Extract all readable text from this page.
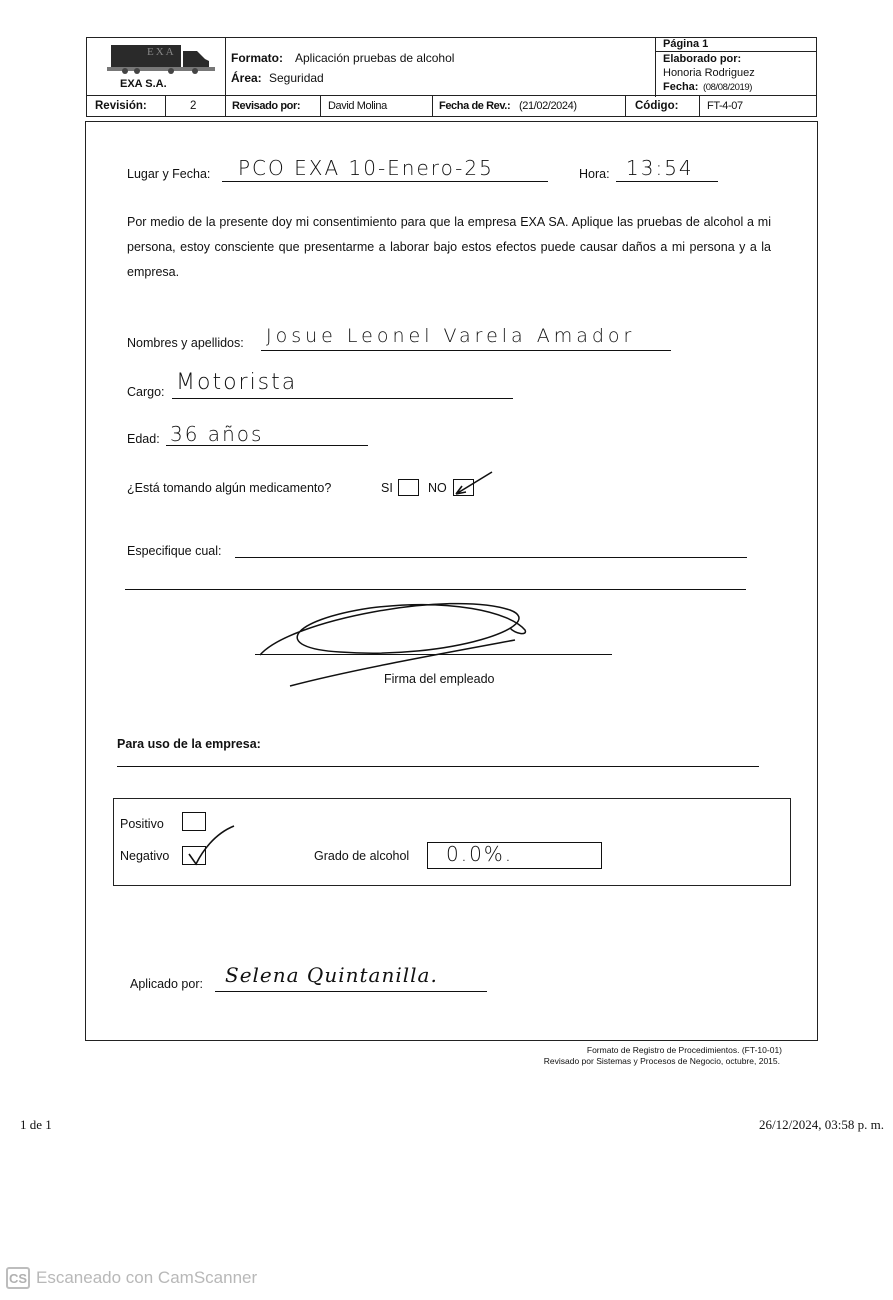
EXA
EXA S.A.
Formato: Aplicación pruebas de alcohol
Área: Seguridad
Página 1
Elaborado por:
Honoria Rodriguez
Fecha: (08/08/2019)
Revisión:	2	Revisado por:	David Molina	Fecha de Rev.: (21/02/2024)	Código:	FT-4-07
Lugar y Fecha: PCO EXA 10-Enero-25	Hora: 13:54
Por medio de la presente doy mi consentimiento para que la empresa EXA SA. Aplique las pruebas de alcohol a mi persona, estoy consciente que presentarme a laborar bajo estos efectos puede causar daños a mi persona y a la empresa.
Nombres y apellidos: Josue Leonel Varela Amador
Cargo: Motorista
Edad: 36 años
¿Está tomando algún medicamento?	SI	NO
Especifique cual:
Firma del empleado
Para uso de la empresa:
Positivo
Negativo	Grado de alcohol 0.0%.
Aplicado por: Selena Quintanilla.
Formato de Registro de Procedimientos. (FT-10-01)
Revisado por Sistemas y Procesos de Negocio, octubre, 2015.
1 de 1	26/12/2024, 03:58 p. m.
CS Escaneado con CamScanner
